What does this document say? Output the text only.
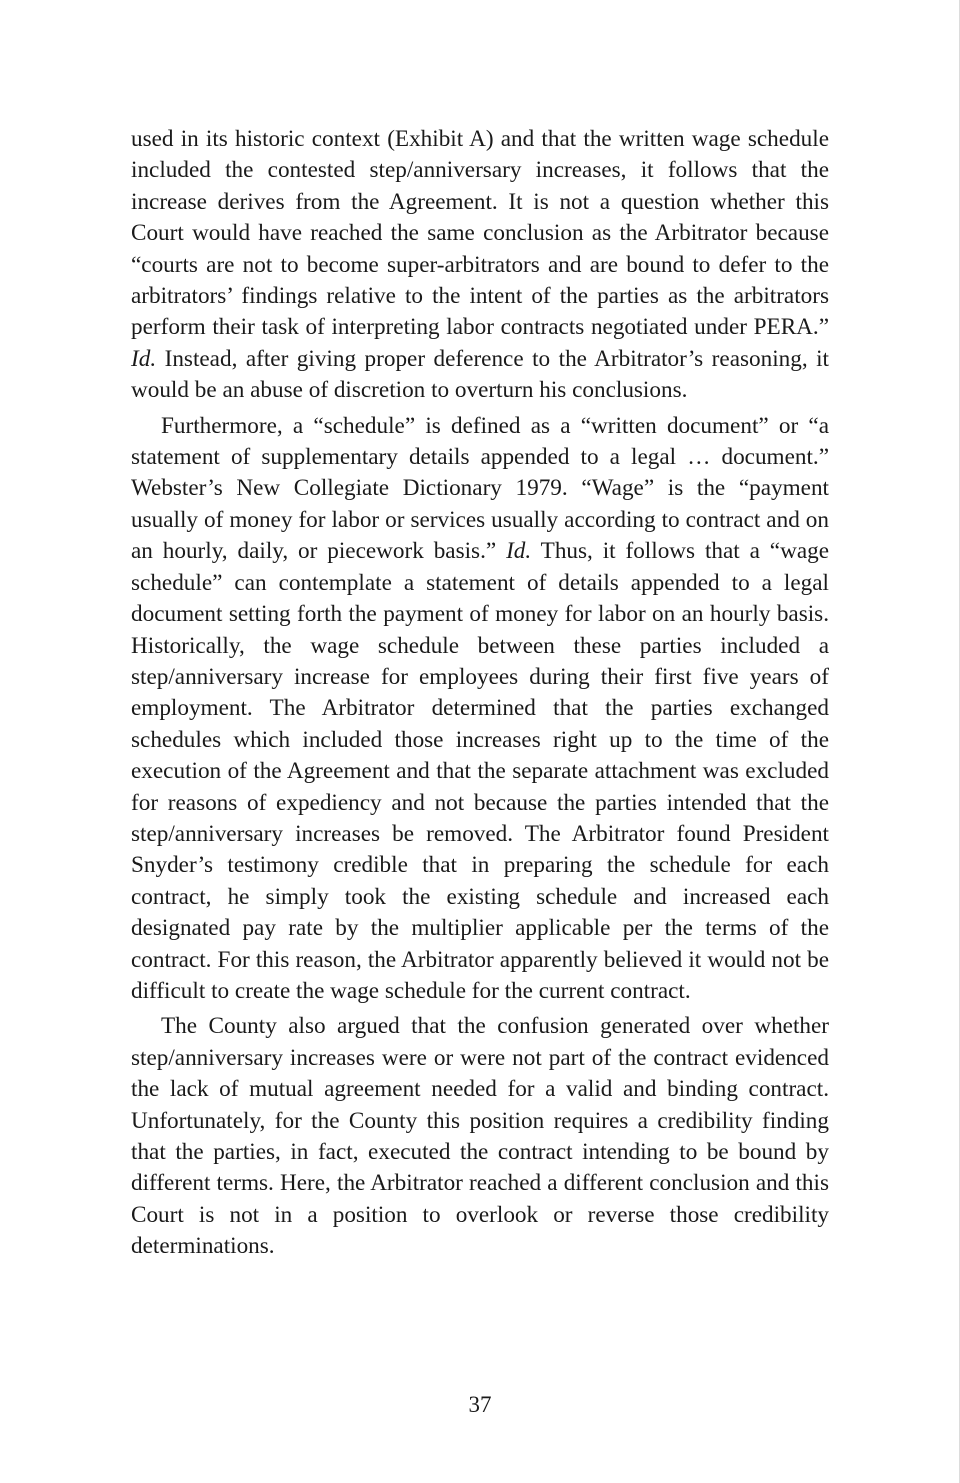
used in its historic context (Exhibit A) and that the written wage schedule included the contested step/anniversary increases, it follows that the increase derives from the Agreement. It is not a question whether this Court would have reached the same conclusion as the Arbitrator because “courts are not to become super-arbitrators and are bound to defer to the arbitrators’ findings relative to the intent of the parties as the arbitrators perform their task of interpreting labor contracts negotiated under PERA.” Id. Instead, after giving proper deference to the Arbitrator’s reasoning, it would be an abuse of discretion to overturn his conclusions.

Furthermore, a “schedule” is defined as a “written document” or “a statement of supplementary details appended to a legal … document.” Webster’s New Collegiate Dictionary 1979. “Wage” is the “payment usually of money for labor or services usually according to contract and on an hourly, daily, or piecework basis.” Id. Thus, it follows that a “wage schedule” can contemplate a statement of details appended to a legal document setting forth the payment of money for labor on an hourly basis. Historically, the wage schedule between these parties included a step/anniversary increase for employees during their first five years of employment. The Arbitrator determined that the parties exchanged schedules which included those increases right up to the time of the execution of the Agreement and that the separate attachment was excluded for reasons of expediency and not because the parties intended that the step/anniversary increases be removed. The Arbitrator found President Snyder’s testimony credible that in preparing the schedule for each contract, he simply took the existing schedule and increased each designated pay rate by the multiplier applicable per the terms of the contract. For this reason, the Arbitrator apparently believed it would not be difficult to create the wage schedule for the current contract.

The County also argued that the confusion generated over whether step/anniversary increases were or were not part of the contract evidenced the lack of mutual agreement needed for a valid and binding contract. Unfortunately, for the County this position requires a credibility finding that the parties, in fact, executed the contract intending to be bound by different terms. Here, the Arbitrator reached a different conclusion and this Court is not in a position to overlook or reverse those credibility determinations.

37
